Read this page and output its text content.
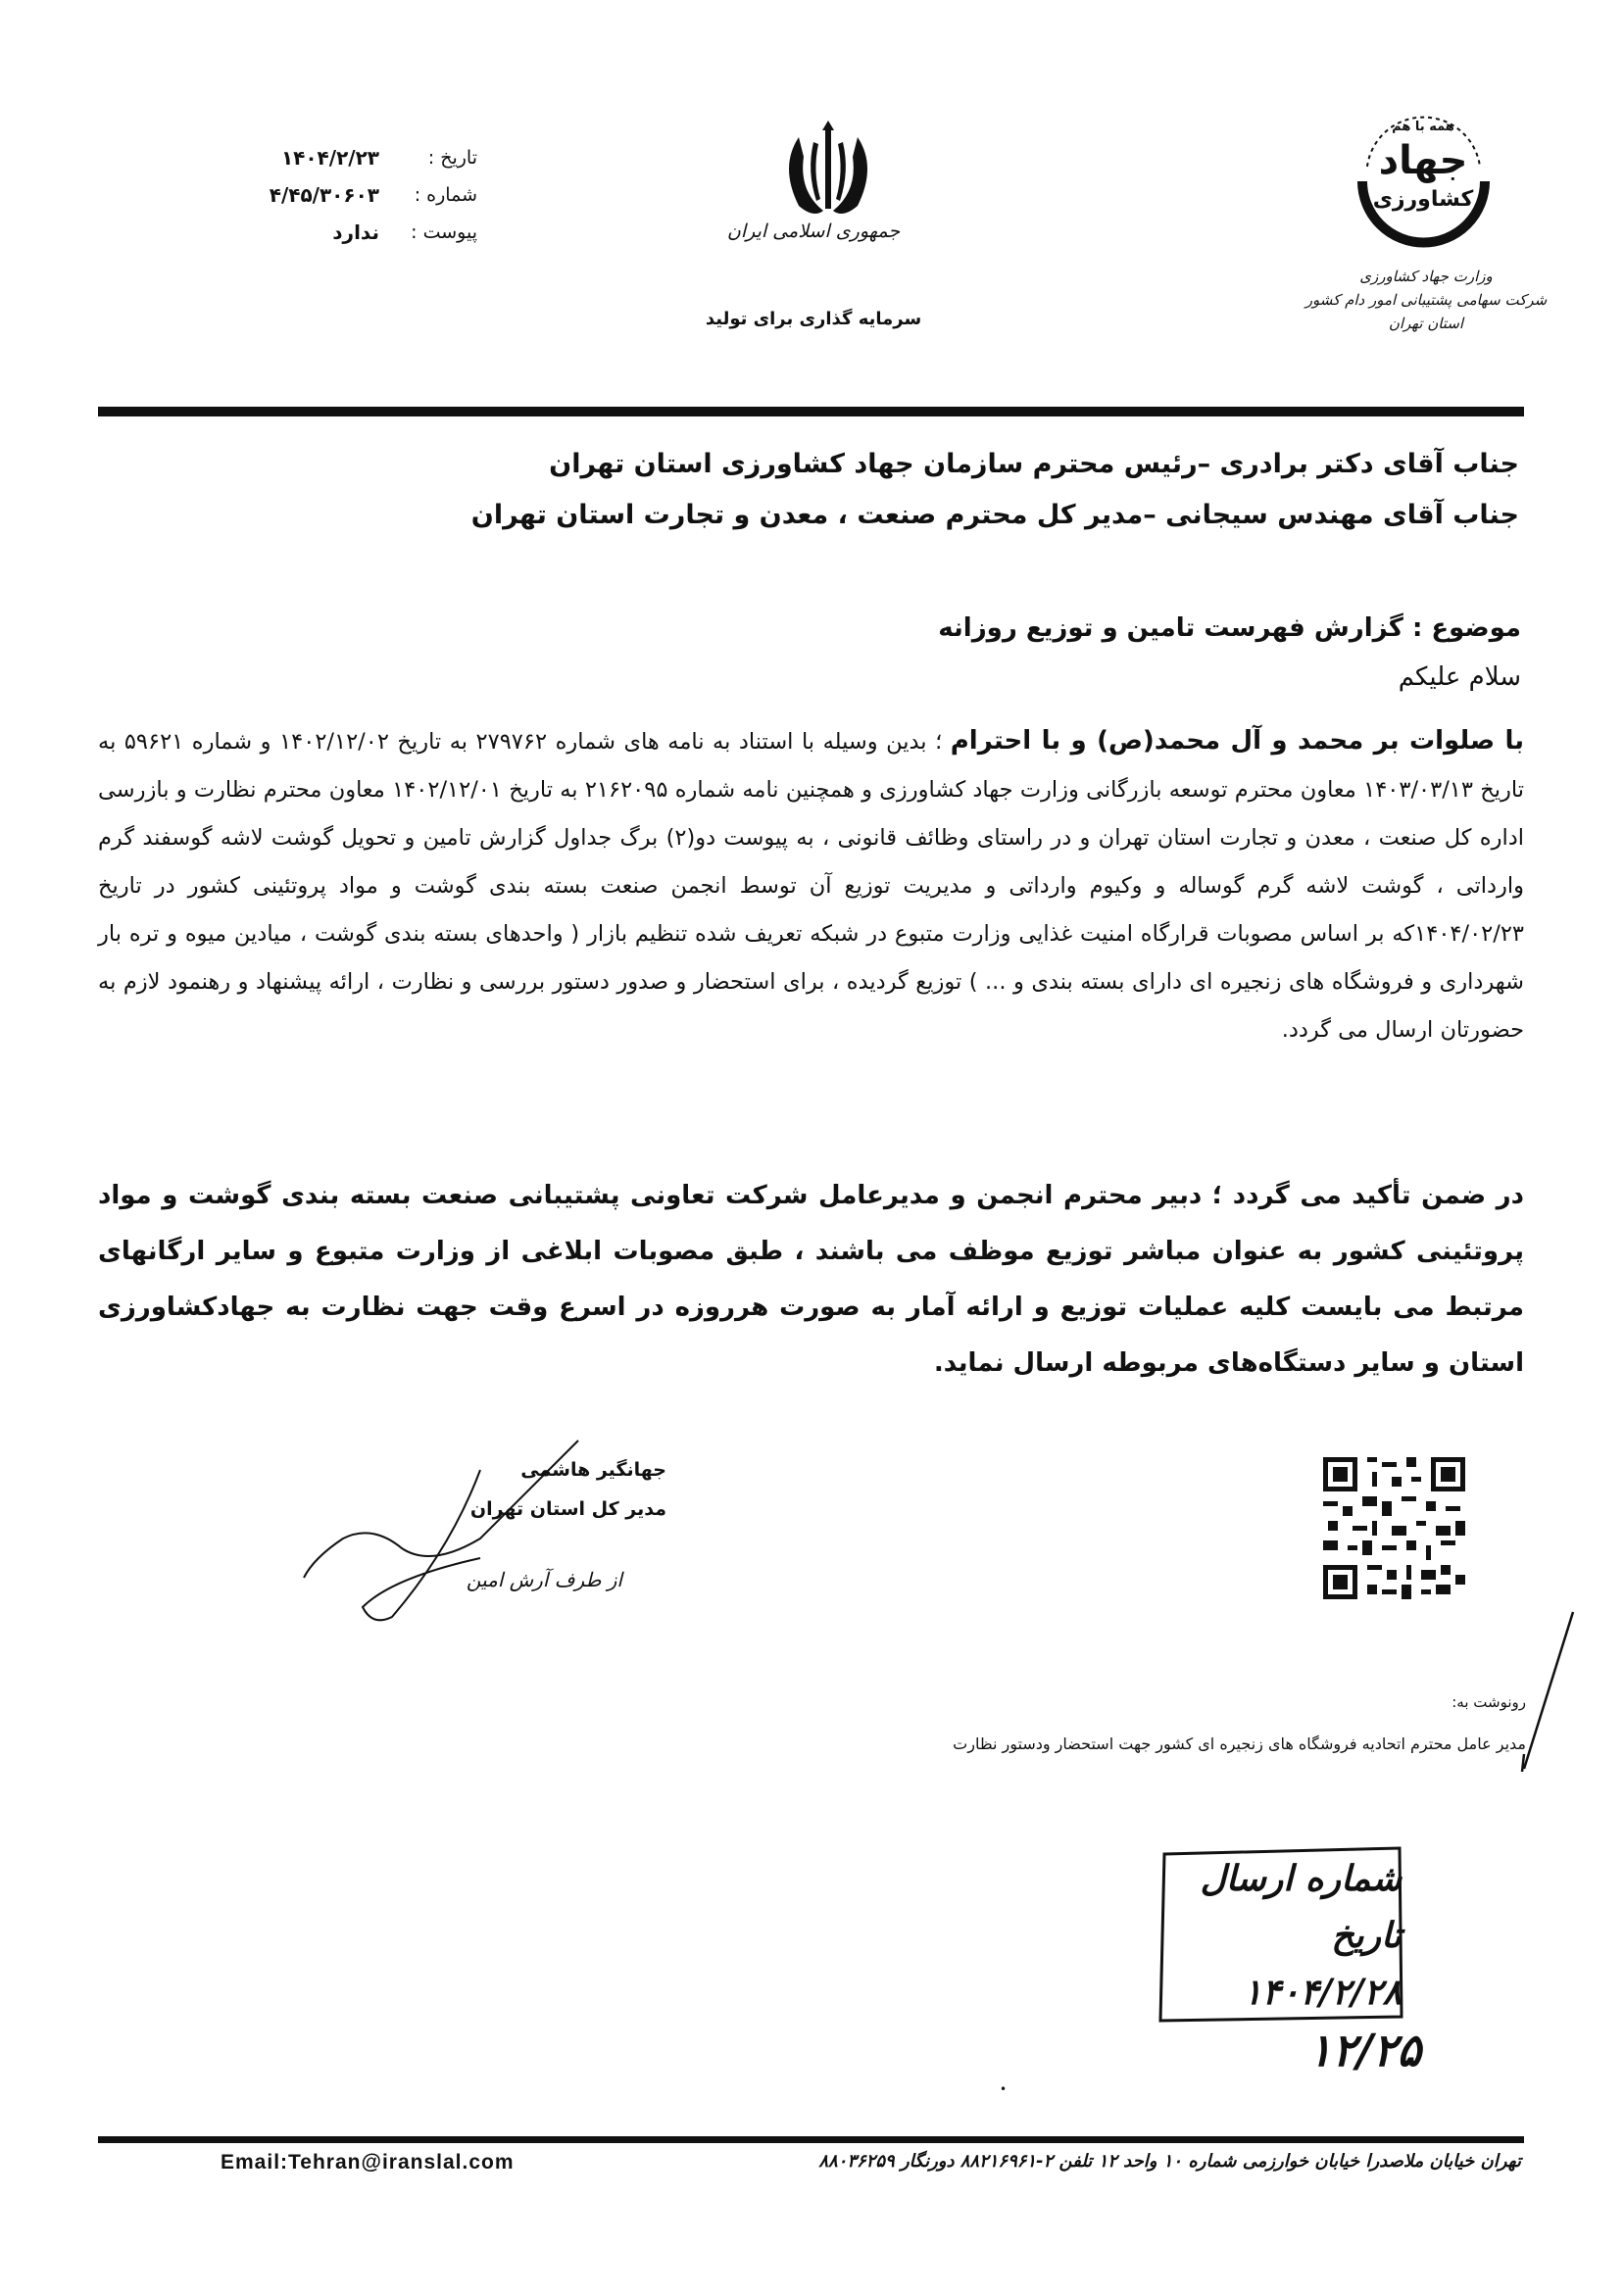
تاریخ :
۱۴۰۴/۲/۲۳
شماره :
۴/۴۵/۳۰۶۰۳
پیوست :
ندارد	جمهوری اسلامی ایران
سرمایه گذاری برای تولید
همه با هم
جهاد
کشاورزی
وزارت جهاد کشاورزی
شرکت سهامی پشتیبانی امور دام کشور
استان تهران
جناب آقای دکتر برادری –رئیس محترم سازمان جهاد کشاورزی استان تهران
جناب آقای مهندس سیجانی –مدیر کل محترم صنعت ، معدن و تجارت استان تهران
موضوع : گزارش فهرست تامین و توزیع روزانه
سلام علیکم
با صلوات بر محمد و آل محمد(ص) و با احترام ؛ بدین وسیله با استناد به نامه های شماره ۲۷۹۷۶۲ به تاریخ ۱۴۰۲/۱۲/۰۲ و شماره ۵۹۶۲۱ به تاریخ ۱۴۰۳/۰۳/۱۳ معاون محترم توسعه بازرگانی وزارت جهاد کشاورزی و همچنین نامه شماره ۲۱۶۲۰۹۵ به تاریخ ۱۴۰۲/۱۲/۰۱ معاون محترم نظارت و بازرسی اداره کل صنعت ، معدن و تجارت استان تهران و در راستای وظائف قانونی ، به پیوست دو(۲) برگ جداول گزارش تامین و تحویل گوشت لاشه گوسفند گرم وارداتی ، گوشت لاشه گرم گوساله و وکیوم وارداتی و مدیریت توزیع آن توسط انجمن صنعت بسته بندی گوشت و مواد پروتئینی کشور در تاریخ ۱۴۰۴/۰۲/۲۳که بر اساس مصوبات قرارگاه امنیت غذایی وزارت متبوع در شبکه تعریف شده تنظیم بازار ( واحدهای بسته بندی گوشت ، میادین میوه و تره بار شهرداری و فروشگاه های زنجیره ای دارای بسته بندی و ... ) توزیع گردیده ، برای استحضار و صدور دستور بررسی و نظارت ، ارائه پیشنهاد و رهنمود لازم به حضورتان ارسال می گردد.
در ضمن تأکید می گردد ؛ دبیر محترم انجمن و مدیرعامل شرکت تعاونی پشتیبانی صنعت بسته بندی گوشت و مواد پروتئینی کشور به عنوان مباشر توزیع موظف می باشند ، طبق مصوبات ابلاغی از وزارت متبوع و سایر ارگانهای مرتبط می بایست کلیه عملیات توزیع و ارائه آمار به صورت هرروزه در اسرع وقت جهت نظارت به جهادکشاورزی استان و سایر دستگاه‌های مربوطه ارسال نماید.
جهانگیر هاشمی
مدیر کل استان تهران
از طرف آرش امین
رونوشت به:
مدیر عامل محترم اتحادیه فروشگاه های زنجیره ای کشور جهت استحضار ودستور نظارت
شماره ارسال
تاریخ ۱۴۰۴/۲/۲۸
۱۲/۲۵
•
تهران خیابان ملاصدرا خیابان خوارزمی شماره ۱۰ واحد ۱۲ تلفن ۲-۸۸۲۱۶۹۶۱ دورنگار ۸۸۰۳۶۲۵۹
Email:Tehran@iranslal.com
